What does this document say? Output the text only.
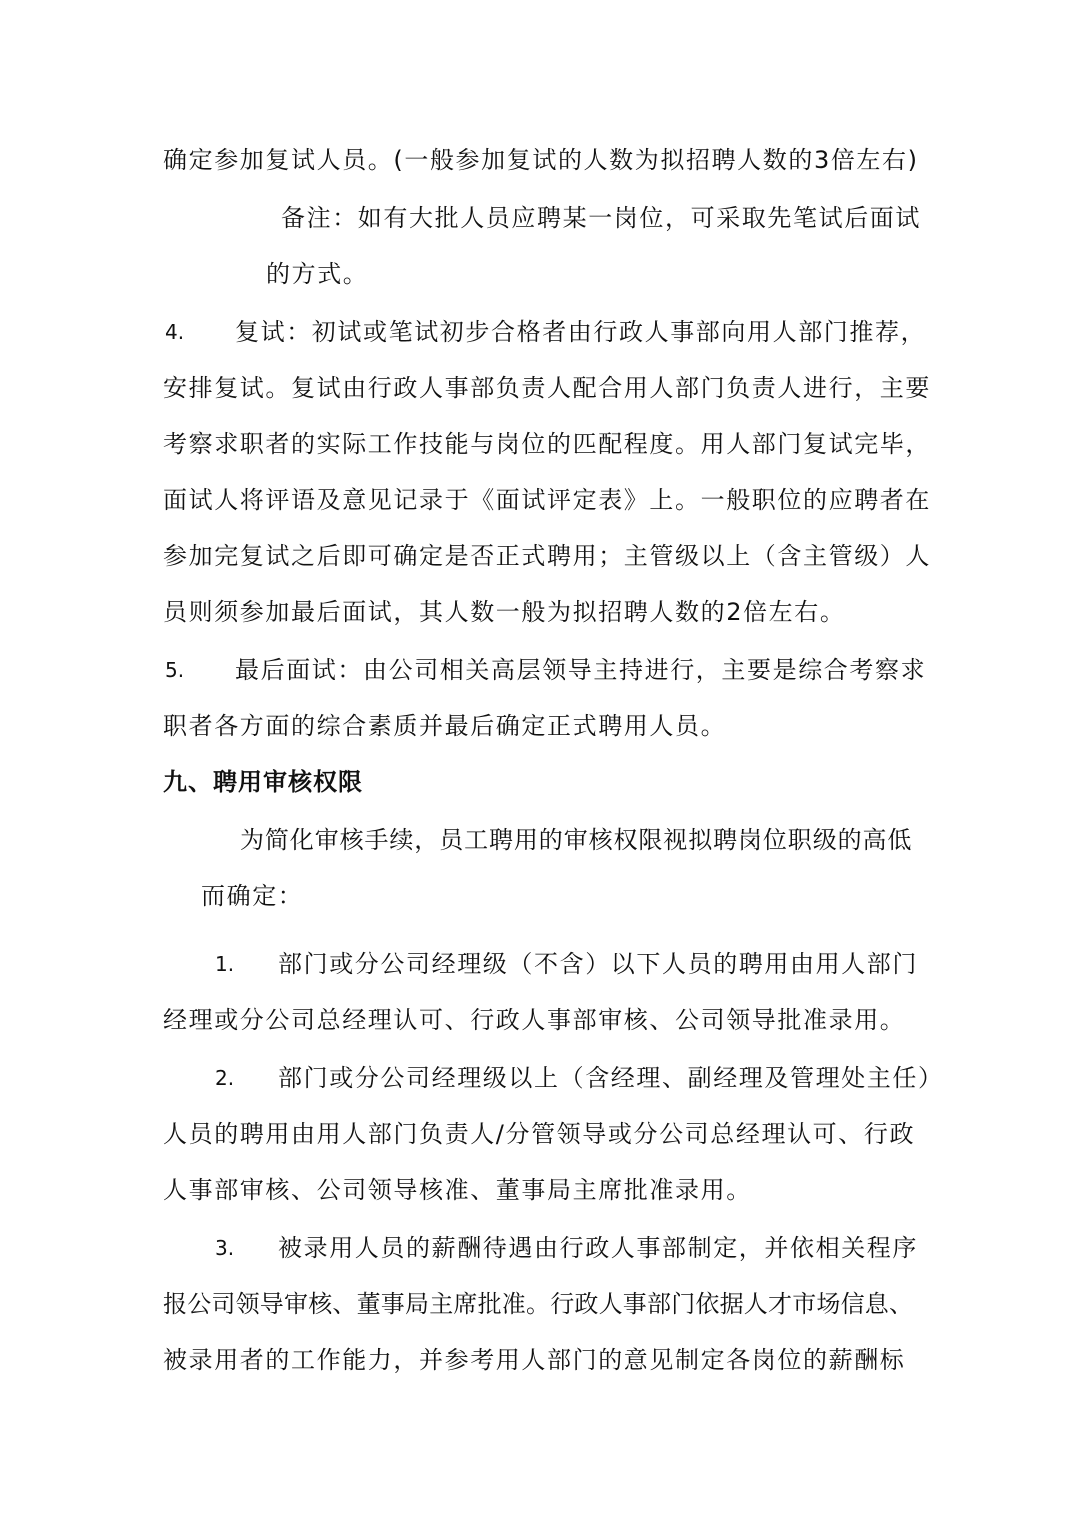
确定参加复试人员。(一般参加复试的人数为拟招聘人数的3倍左右)
备注：如有大批人员应聘某一岗位，可采取先笔试后面试
的方式。
4. 复试：初试或笔试初步合格者由行政人事部向用人部门推荐，
安排复试。复试由行政人事部负责人配合用人部门负责人进行，主要
考察求职者的实际工作技能与岗位的匹配程度。用人部门复试完毕，
面试人将评语及意见记录于《面试评定表》上。一般职位的应聘者在
参加完复试之后即可确定是否正式聘用；主管级以上（含主管级）人
员则须参加最后面试，其人数一般为拟招聘人数的2倍左右。
5. 最后面试：由公司相关高层领导主持进行，主要是综合考察求
职者各方面的综合素质并最后确定正式聘用人员。
九、聘用审核权限
为简化审核手续，员工聘用的审核权限视拟聘岗位职级的高低
而确定：
1. 部门或分公司经理级（不含）以下人员的聘用由用人部门
经理或分公司总经理认可、行政人事部审核、公司领导批准录用。
2. 部门或分公司经理级以上（含经理、副经理及管理处主任）
人员的聘用由用人部门负责人/分管领导或分公司总经理认可、行政
人事部审核、公司领导核准、董事局主席批准录用。
3. 被录用人员的薪酬待遇由行政人事部制定，并依相关程序
报公司领导审核、董事局主席批准。行政人事部门依据人才市场信息、
被录用者的工作能力，并参考用人部门的意见制定各岗位的薪酬标
